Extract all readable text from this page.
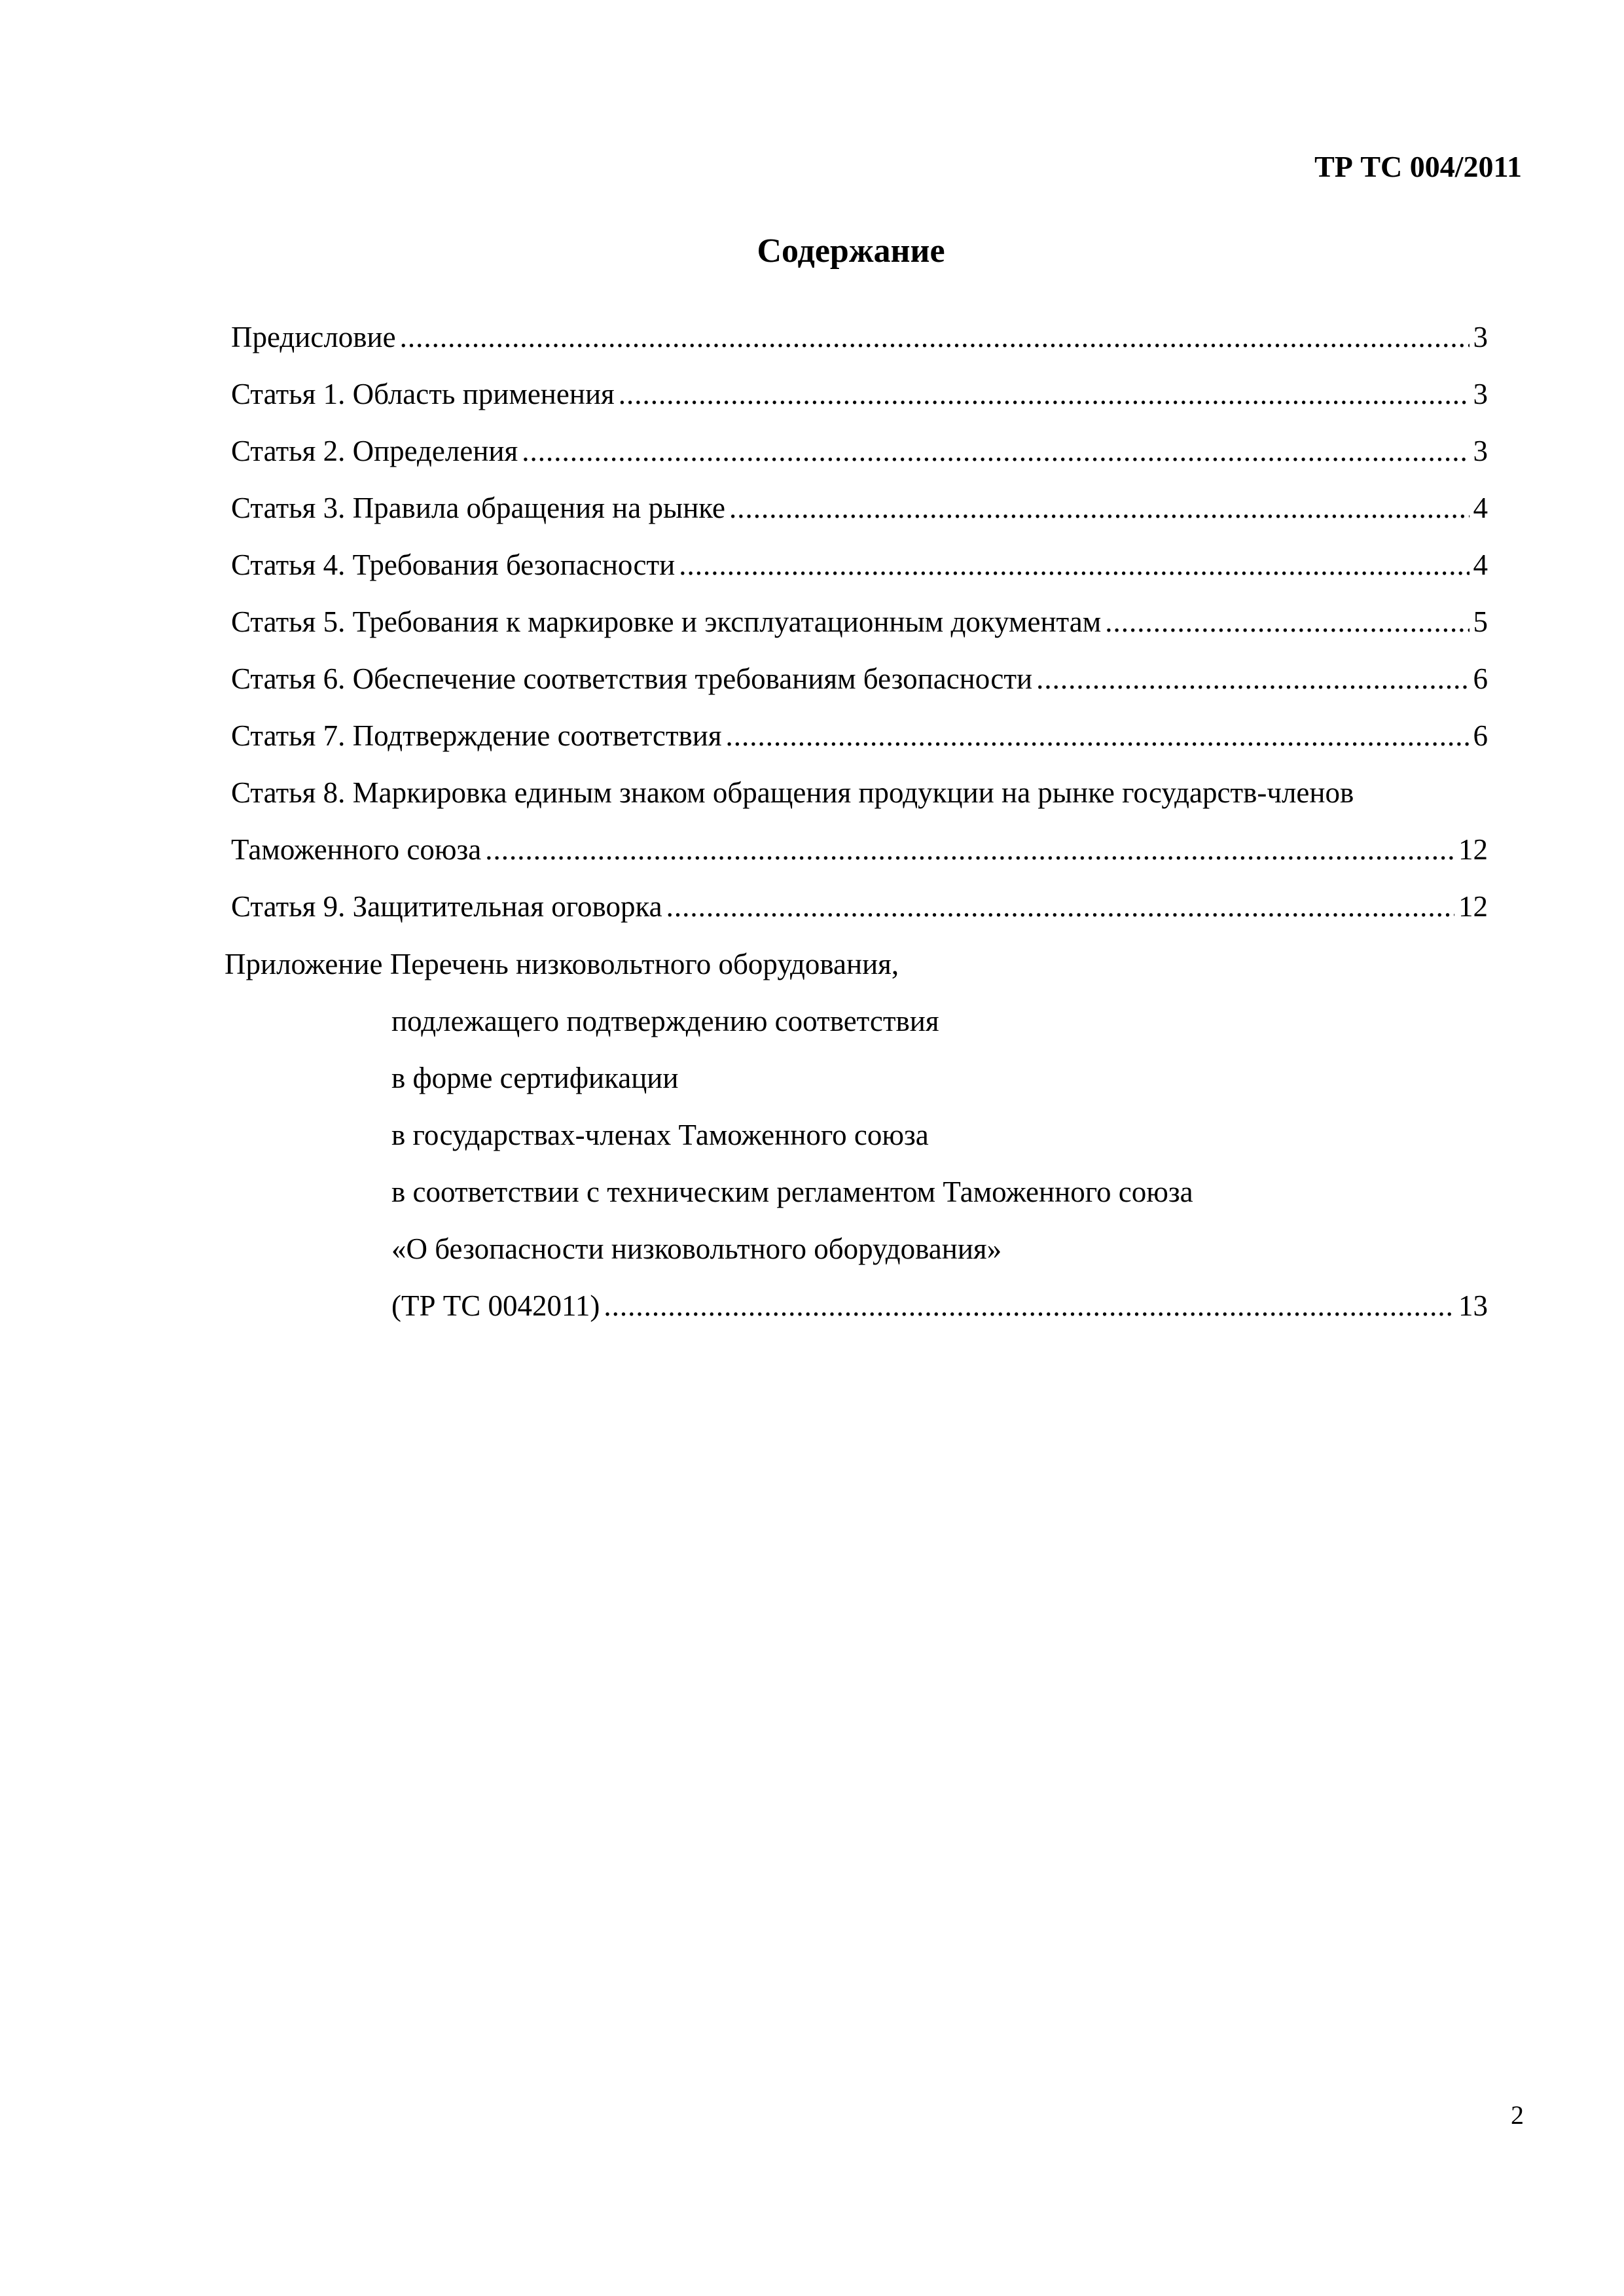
ТР ТС 004/2011
Содержание
Предисловие .....	3
Статья 1. Область применения .....	3
Статья 2. Определения .....	3
Статья 3. Правила обращения на рынке .....	4
Статья 4. Требования безопасности .....	4
Статья 5. Требования к маркировке и эксплуатационным документам .....	5
Статья 6. Обеспечение соответствия требованиям безопасности .....	6
Статья 7. Подтверждение соответствия .....	6
Статья 8. Маркировка единым знаком обращения продукции на рынке государств-членов
Таможенного союза .....	12
Статья 9. Защитительная оговорка .....	12
Приложение Перечень низковольтного оборудования,
подлежащего подтверждению соответствия
в форме сертификации
в государствах-членах Таможенного союза
в соответствии с техническим регламентом Таможенного союза
«О безопасности низковольтного оборудования»
(ТР ТС 0042011) .....	13
2
